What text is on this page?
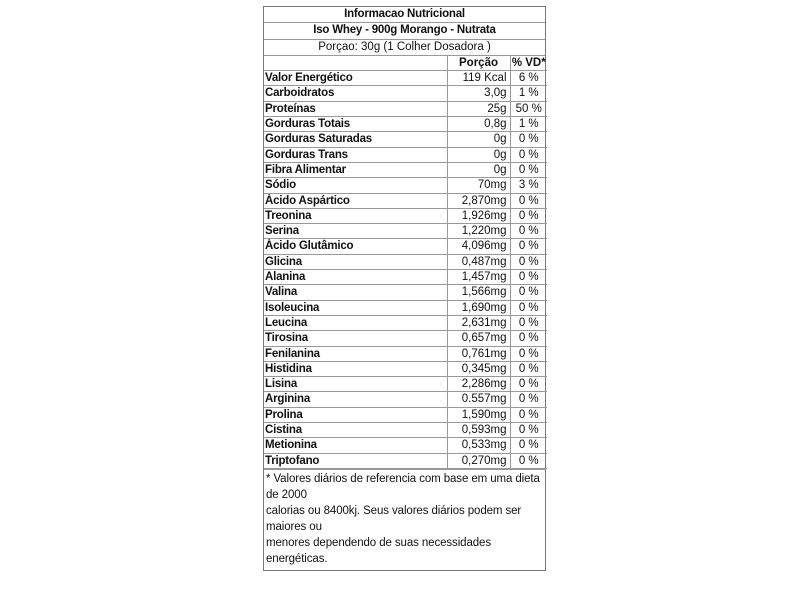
Informacao Nutricional
Iso Whey - 900g Morango - Nutrata
Porçao: 30g (1 Colher Dosadora )
	Porção	% VD*
Valor Energético	119 Kcal	6 %
Carboidratos	3,0g	1 %
Proteínas	25g	50 %
Gorduras Totais	0,8g	1 %
Gorduras Saturadas	0g	0 %
Gorduras Trans	0g	0 %
Fibra Alimentar	0g	0 %
Sódio	70mg	3 %
Ácido Aspártico	2,870mg	0 %
Treonina	1,926mg	0 %
Serina	1,220mg	0 %
Ácido Glutâmico	4,096mg	0 %
Glicina	0,487mg	0 %
Alanina	1,457mg	0 %
Valina	1,566mg	0 %
Isoleucina	1,690mg	0 %
Leucina	2,631mg	0 %
Tirosina	0,657mg	0 %
Fenilanina	0,761mg	0 %
Histidina	0,345mg	0 %
Lisina	2,286mg	0 %
Arginina	0.557mg	0 %
Prolina	1,590mg	0 %
Cistina	0,593mg	0 %
Metionina	0,533mg	0 %
Triptofano	0,270mg	0 %
* Valores diários de referencia com base em uma dieta de 2000
calorias ou 8400kj. Seus valores diários podem ser maiores ou
menores dependendo de suas necessidades energéticas.
